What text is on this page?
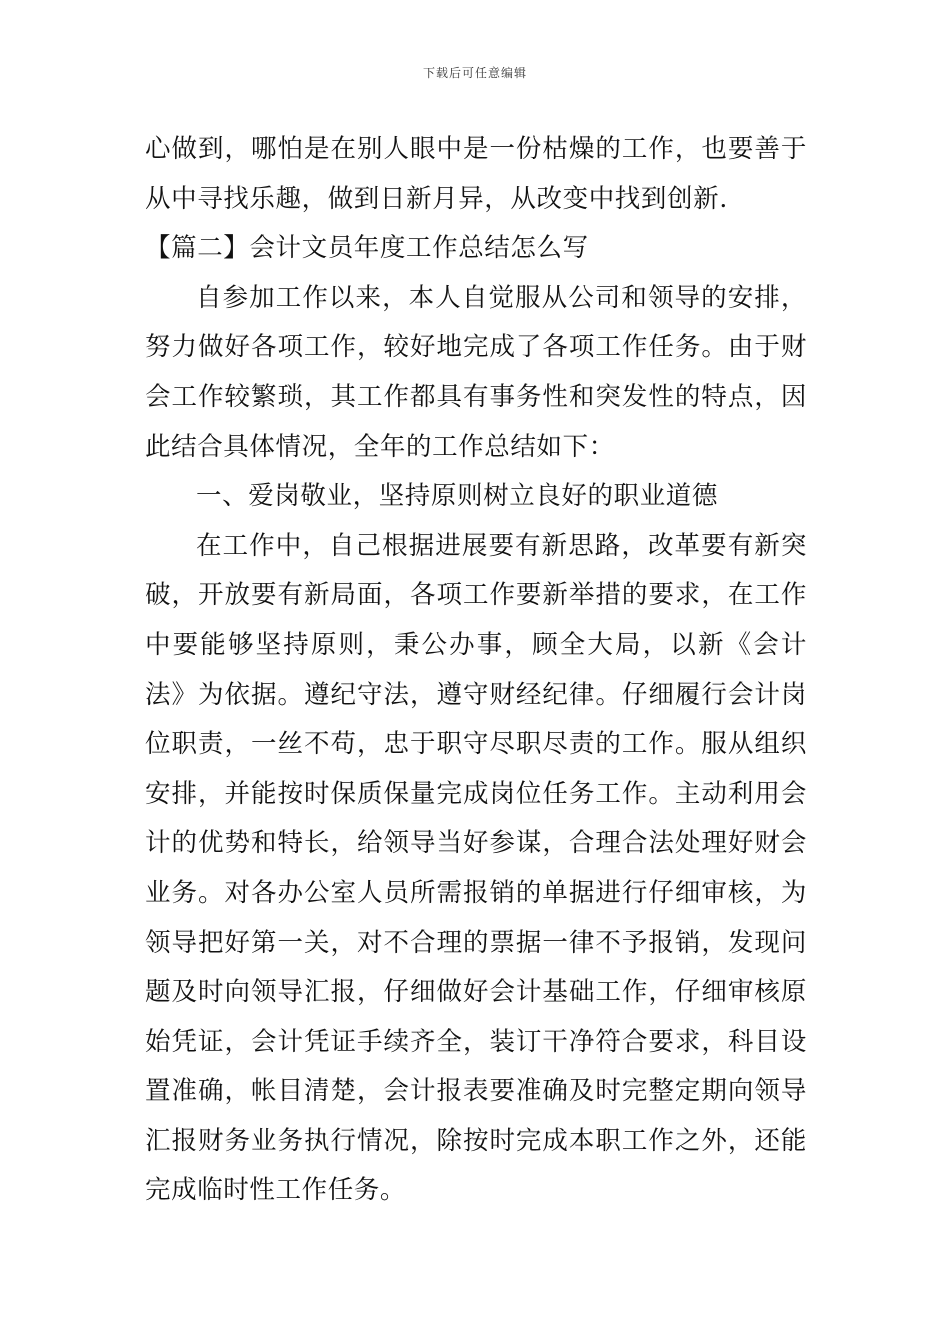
下载后可任意编辑

心做到，哪怕是在别人眼中是一份枯燥的工作，也要善于从中寻找乐趣，做到日新月异，从改变中找到创新.

【篇二】会计文员年度工作总结怎么写

自参加工作以来，本人自觉服从公司和领导的安排，努力做好各项工作，较好地完成了各项工作任务。由于财会工作较繁琐，其工作都具有事务性和突发性的特点，因此结合具体情况，全年的工作总结如下：

一、爱岗敬业，坚持原则树立良好的职业道德

在工作中，自己根据进展要有新思路，改革要有新突破，开放要有新局面，各项工作要新举措的要求，在工作中要能够坚持原则，秉公办事，顾全大局，以新《会计法》为依据。遵纪守法，遵守财经纪律。仔细履行会计岗位职责，一丝不苟，忠于职守尽职尽责的工作。服从组织安排，并能按时保质保量完成岗位任务工作。主动利用会计的优势和特长，给领导当好参谋，合理合法处理好财会业务。对各办公室人员所需报销的单据进行仔细审核，为领导把好第一关，对不合理的票据一律不予报销，发现问题及时向领导汇报，仔细做好会计基础工作，仔细审核原始凭证，会计凭证手续齐全，装订干净符合要求，科目设置准确，帐目清楚，会计报表要准确及时完整定期向领导汇报财务业务执行情况，除按时完成本职工作之外，还能完成临时性工作任务。
